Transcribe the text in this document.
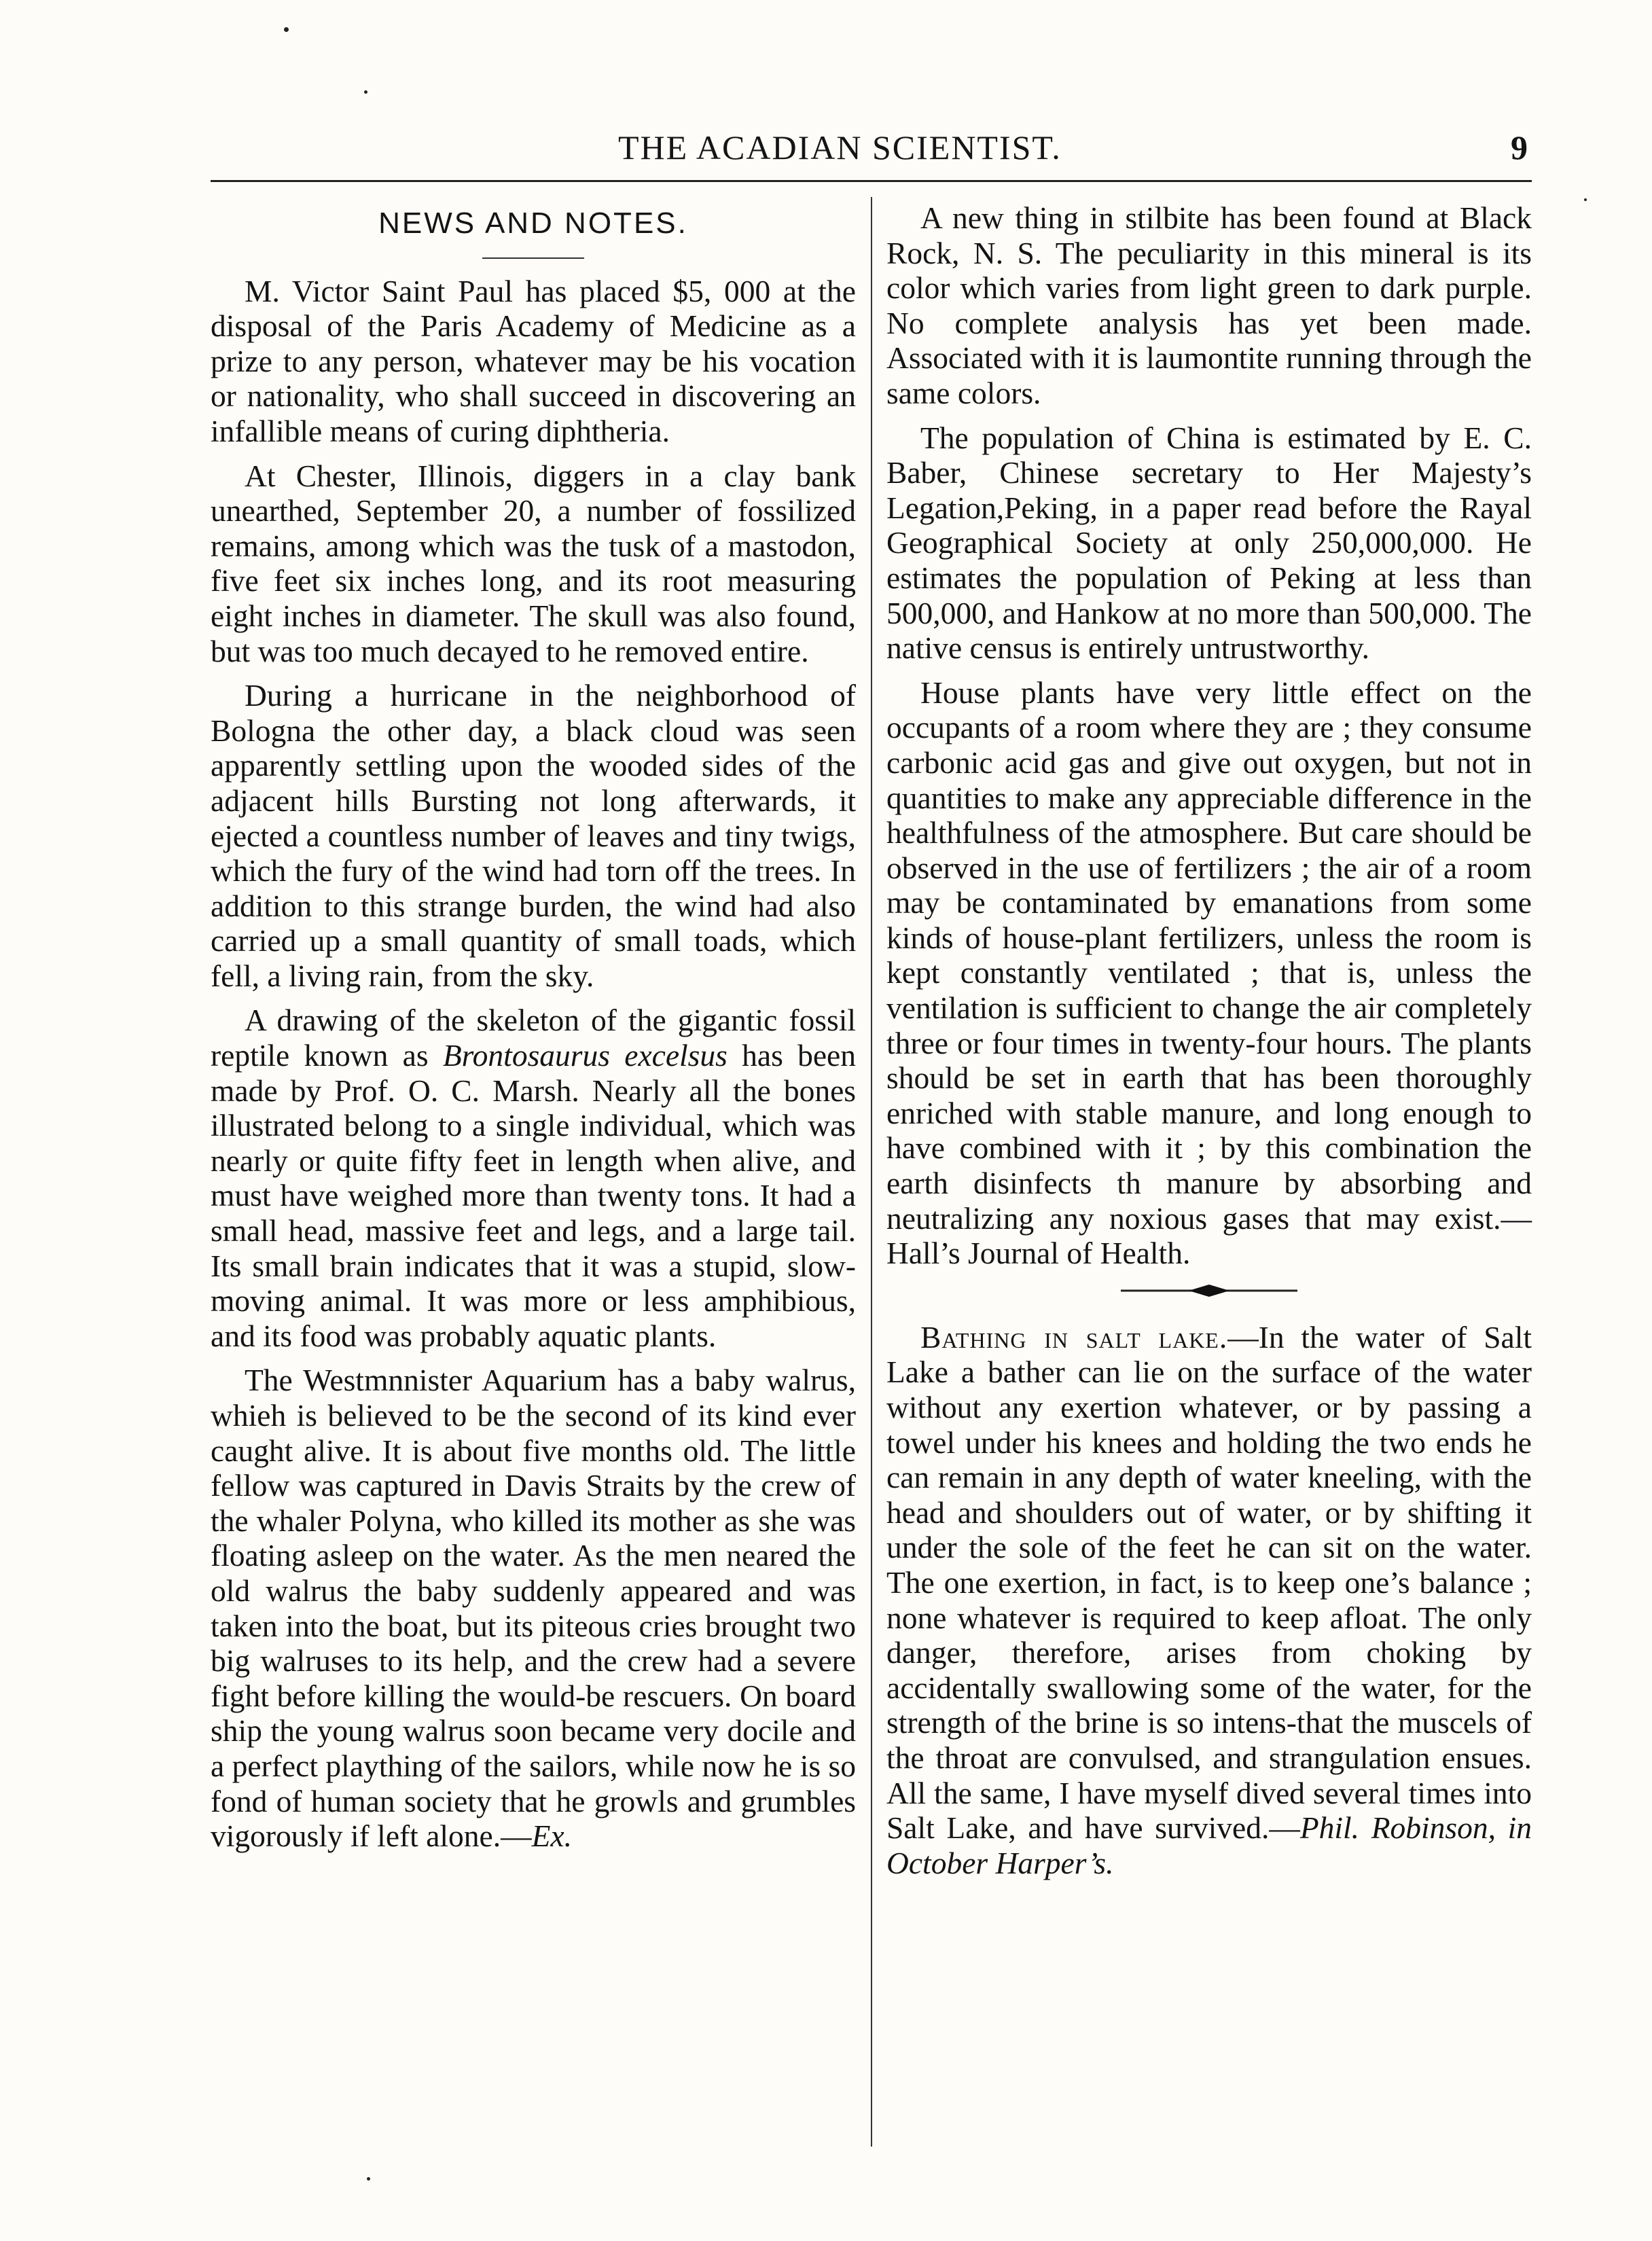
THE ACADIAN SCIENTIST.	9
NEWS AND NOTES.

M. Victor Saint Paul has placed $5, 000 at the disposal of the Paris Academy of Medicine as a prize to any person, whatever may be his vocation or nationality, who shall succeed in discovering an infallible means of curing diphtheria.

At Chester, Illinois, diggers in a clay bank unearthed, September 20, a number of fossilized remains, among which was the tusk of a mastodon, five feet six inches long, and its root measuring eight inches in diameter. The skull was also found, but was too much decayed to he removed entire.

During a hurricane in the neighborhood of Bologna the other day, a black cloud was seen apparently settling upon the wooded sides of the adjacent hills Bursting not long afterwards, it ejected a countless number of leaves and tiny twigs, which the fury of the wind had torn off the trees. In addition to this strange burden, the wind had also carried up a small quantity of small toads, which fell, a living rain, from the sky.

A drawing of the skeleton of the gigantic fossil reptile known as Brontosaurus excelsus has been made by Prof. O. C. Marsh. Nearly all the bones illustrated belong to a single individual, which was nearly or quite fifty feet in length when alive, and must have weighed more than twenty tons. It had a small head, massive feet and legs, and a large tail. Its small brain indicates that it was a stupid, slow-moving animal. It was more or less amphibious, and its food was probably aquatic plants.

The Westmnnister Aquarium has a baby walrus, whieh is believed to be the second of its kind ever caught alive. It is about five months old. The little fellow was captured in Davis Straits by the crew of the whaler Polyna, who killed its mother as she was floating asleep on the water. As the men neared the old walrus the baby suddenly appeared and was taken into the boat, but its piteous cries brought two big walruses to its help, and the crew had a severe fight before killing the would-be rescuers. On board ship the young walrus soon became very docile and a perfect plaything of the sailors, while now he is so fond of human society that he growls and grumbles vigorously if left alone.—Ex.

A new thing in stilbite has been found at Black Rock, N. S. The peculiarity in this mineral is its color which varies from light green to dark purple. No complete analysis has yet been made. Associated with it is laumontite running through the same colors.

The population of China is estimated by E. C. Baber, Chinese secretary to Her Majesty’s Legation,Peking, in a paper read before the Rayal Geographical Society at only 250,000,000. He estimates the population of Peking at less than 500,000, and Hankow at no more than 500,000. The native census is entirely untrustworthy.

House plants have very little effect on the occupants of a room where they are ; they consume carbonic acid gas and give out oxygen, but not in quantities to make any appreciable difference in the healthfulness of the atmosphere. But care should be observed in the use of fertilizers ; the air of a room may be contaminated by emanations from some kinds of house-plant fertilizers, unless the room is kept constantly ventilated ; that is, unless the ventilation is sufficient to change the air completely three or four times in twenty-four hours. The plants should be set in earth that has been thoroughly enriched with stable manure, and long enough to have combined with it ; by this combination the earth disinfects th manure by absorbing and neutralizing any noxious gases that may exist.—Hall’s Journal of Health.

Bathing in salt lake.—In the water of Salt Lake a bather can lie on the surface of the water without any exertion whatever, or by passing a towel under his knees and holding the two ends he can remain in any depth of water kneeling, with the head and shoulders out of water, or by shifting it under the sole of the feet he can sit on the water. The one exertion, in fact, is to keep one’s balance ; none whatever is required to keep afloat. The only danger, therefore, arises from choking by accidentally swallowing some of the water, for the strength of the brine is so intens-that the muscels of the throat are convulsed, and strangulation ensues. All the same, I have myself dived several times into Salt Lake, and have survived.—Phil. Robinson, in October Harper’s.
